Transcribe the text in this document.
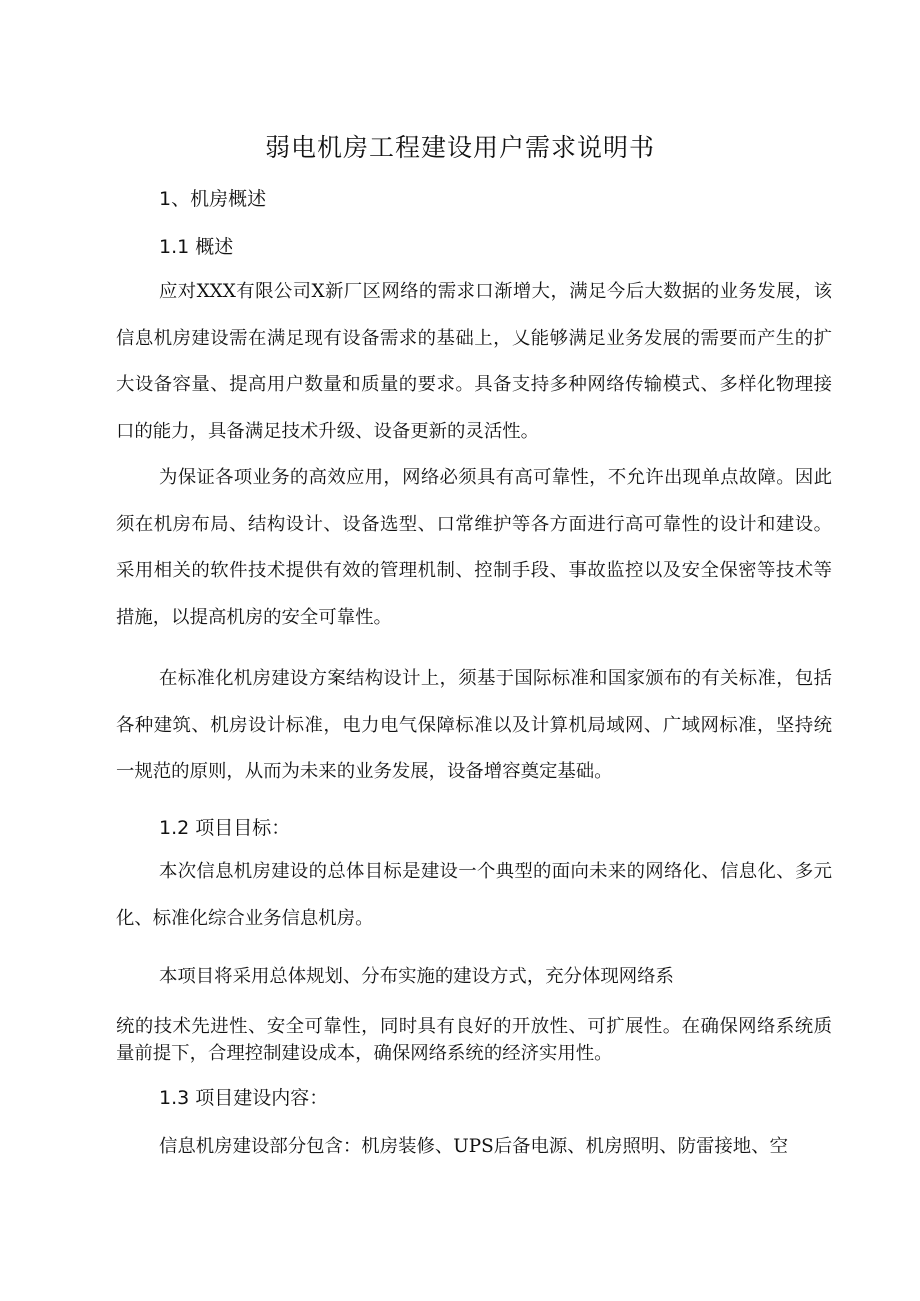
弱电机房工程建设用户需求说明书
1、机房概述
1.1 概述

应对XXX有限公司X新厂区网络的需求口渐增大，满足今后大数据的业务发展，该信息机房建设需在满足现有设备需求的基础上，乂能够满足业务发展的需要而产生的扩大设备容量、提高用户数量和质量的要求。具备支持多种网络传输模式、多样化物理接口的能力，具备满足技术升级、设备更新的灵活性。

为保证各项业务的高效应用，网络必须具有高可靠性，不允许出现单点故障。因此须在机房布局、结构设计、设备选型、口常维护等各方面进行高可靠性的设计和建设。采用相关的软件技术提供有效的管理机制、控制手段、事故监控以及安全保密等技术等措施，以提高机房的安全可靠性。

在标准化机房建设方案结构设计上，须基于国际标准和国家颁布的有关标准，包括各种建筑、机房设计标准，电力电气保障标准以及计算机局域网、广域网标准，坚持统一规范的原则，从而为未来的业务发展，设备增容奠定基础。

1.2 项目目标：

本次信息机房建设的总体目标是建设一个典型的面向未来的网络化、信息化、多元化、标准化综合业务信息机房。

本项目将采用总体规划、分布实施的建设方式，充分体现网络系

统的技术先进性、安全可靠性，同时具有良好的开放性、可扩展性。在确保网络系统质量前提下，合理控制建设成本，确保网络系统的经济实用性。

1.3 项目建设内容：
信息机房建设部分包含：机房装修、UPS后备电源、机房照明、防雷接地、空
